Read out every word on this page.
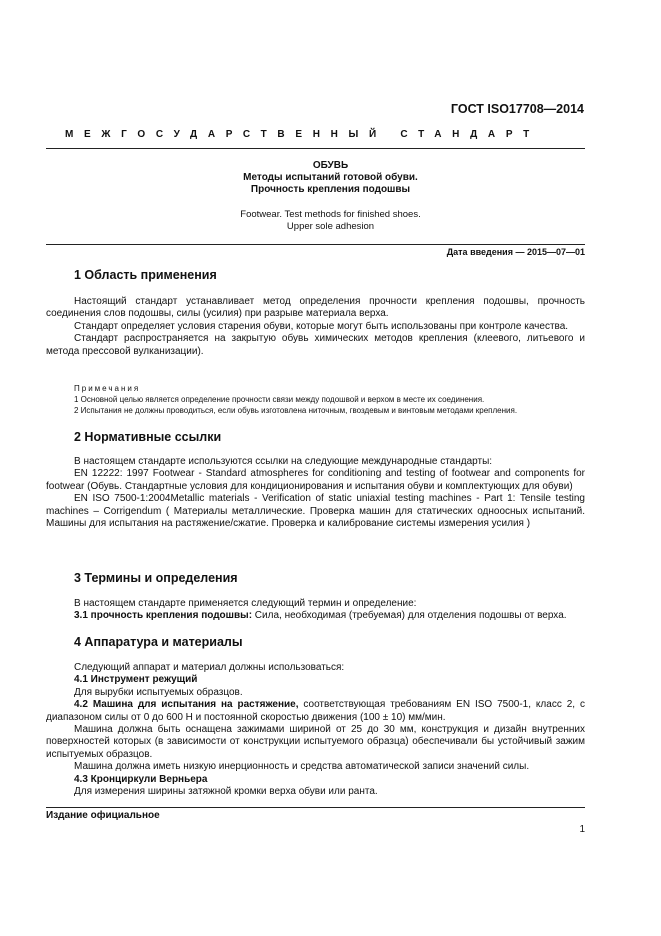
ГОСТ ISO17708—2014
МЕЖГОСУДАРСТВЕННЫЙ СТАНДАРТ
ОБУВЬ
Методы испытаний готовой обуви.
Прочность крепления подошвы
Footwear. Test methods for finished shoes.
Upper sole adhesion
Дата введения — 2015—07—01
1 Область применения

Настоящий стандарт устанавливает метод определения прочности крепления подошвы, прочность соединения слов подошвы, силы (усилия) при разрыве материала верха.

Стандарт определяет условия старения обуви, которые могут быть использованы при контроле качества.

Стандарт распространяется на закрытую обувь химических методов крепления (клеевого, литьевого и метода прессовой вулканизации).

Примечания
1 Основной целью является определение прочности связи между подошвой и верхом в месте их соединения.
2 Испытания не должны проводиться, если обувь изготовлена ниточным, гвоздевым и винтовым методами крепления.
2 Нормативные ссылки

В настоящем стандарте используются ссылки на следующие международные стандарты:

EN 12222: 1997 Footwear - Standard atmospheres for conditioning and testing of footwear and components for footwear (Обувь. Стандартные условия для кондиционирования и испытания обуви и комплектующих для обуви)

EN ISO 7500-1:2004Metallic materials - Verification of static uniaxial testing machines - Part 1: Tensile testing machines – Corrigendum ( Материалы металлические. Проверка машин для статических одноосных испытаний. Машины для испытания на растяжение/сжатие. Проверка и калибрование системы измерения усилия )

3 Термины и определения

В настоящем стандарте применяется следующий термин и определение:

3.1 прочность крепления подошвы: Сила, необходимая (требуемая) для отделения подошвы от верха.

4 Аппаратура и материалы

Следующий аппарат и материал должны использоваться:

4.1 Инструмент режущий

Для вырубки испытуемых образцов.

4.2 Машина для испытания на растяжение, соответствующая требованиям EN ISO 7500-1, класс 2, с диапазоном силы от 0 до 600 Н и постоянной скоростью движения (100 ± 10) мм/мин.

Машина должна быть оснащена зажимами шириной от 25 до 30 мм, конструкция и дизайн внутренних поверхностей которых (в зависимости от конструкции испытуемого образца) обеспечивали бы устойчивый зажим испытуемых образцов.

Машина должна иметь низкую инерционность и средства автоматической записи значений силы.

4.3 Кронциркули Верньера

Для измерения ширины затяжной кромки верха обуви или ранта.

Издание официальное
1
